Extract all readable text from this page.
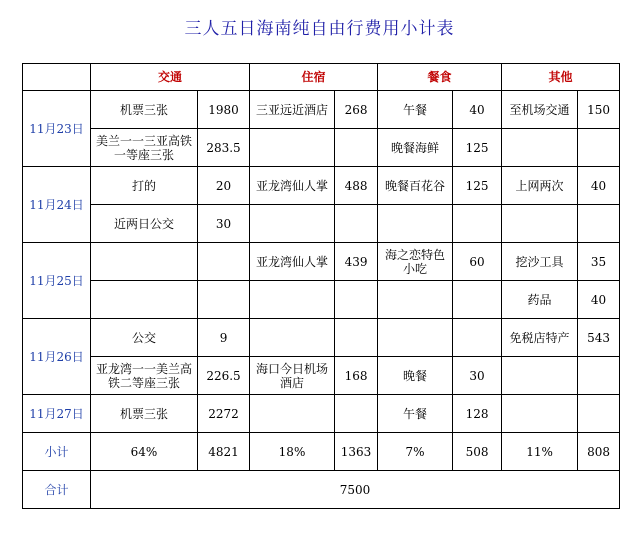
三人五日海南纯自由行费用小计表
	交通		住宿		餐食		其他	
11月23日	机票三张	1980	三亚远近酒店	268	午餐	40	至机场交通	150
	美兰一一三亚高铁一等座三张	283.5			晚餐海鲜	125		
11月24日	打的	20	亚龙湾仙人掌	488	晚餐百花谷	125	上网两次	40
	近两日公交	30						
11月25日			亚龙湾仙人掌	439	海之恋特色小吃	60	挖沙工具	35
							药品	40
11月26日	公交	9					免税店特产	543
	亚龙湾一一美兰高铁二等座三张	226.5	海口今日机场酒店	168	晚餐	30		
11月27日	机票三张	2272			午餐	128		
小计	64%	4821	18%	1363	7%	508	11%	808
合计	7500							
